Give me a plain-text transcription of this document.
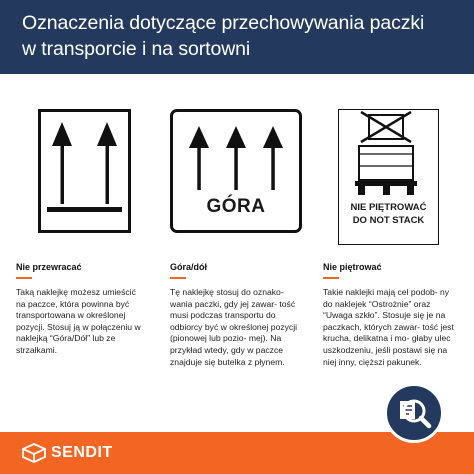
Oznaczenia dotyczące przechowywania paczki
w transporcie i na sortowni
GÓRA	NIE PIĘTROWAĆ
DO NOT STACK
Nie przewracać
Taką naklejkę możesz umieścić na paczce, która powinna być transportowana w określonej pozycji. Stosuj ją w połączeniu w naklejką “Góra/Dół” lub ze strzałkami.
Góra/dół
Tę naklejkę stosuj do oznako- wania paczki, gdy jej zawar- tość musi podczas transportu do odbiorcy być w określonej pozycji (pionowej lub pozio- mej). Na przykład wtedy, gdy w paczce znajduje się butelka z płynem.
Nie piętrować
Takie naklejki mają cel podob- ny do naklejek “Ostrożnie” oraz “Uwaga szkło”. Stosuje się je na paczkach, których zawar- tość jest krucha, delikatna i mo- głaby ulec uszkodzeniu, jeśli postawi się na niej inny, cięższi pakunek.
SENDIT
